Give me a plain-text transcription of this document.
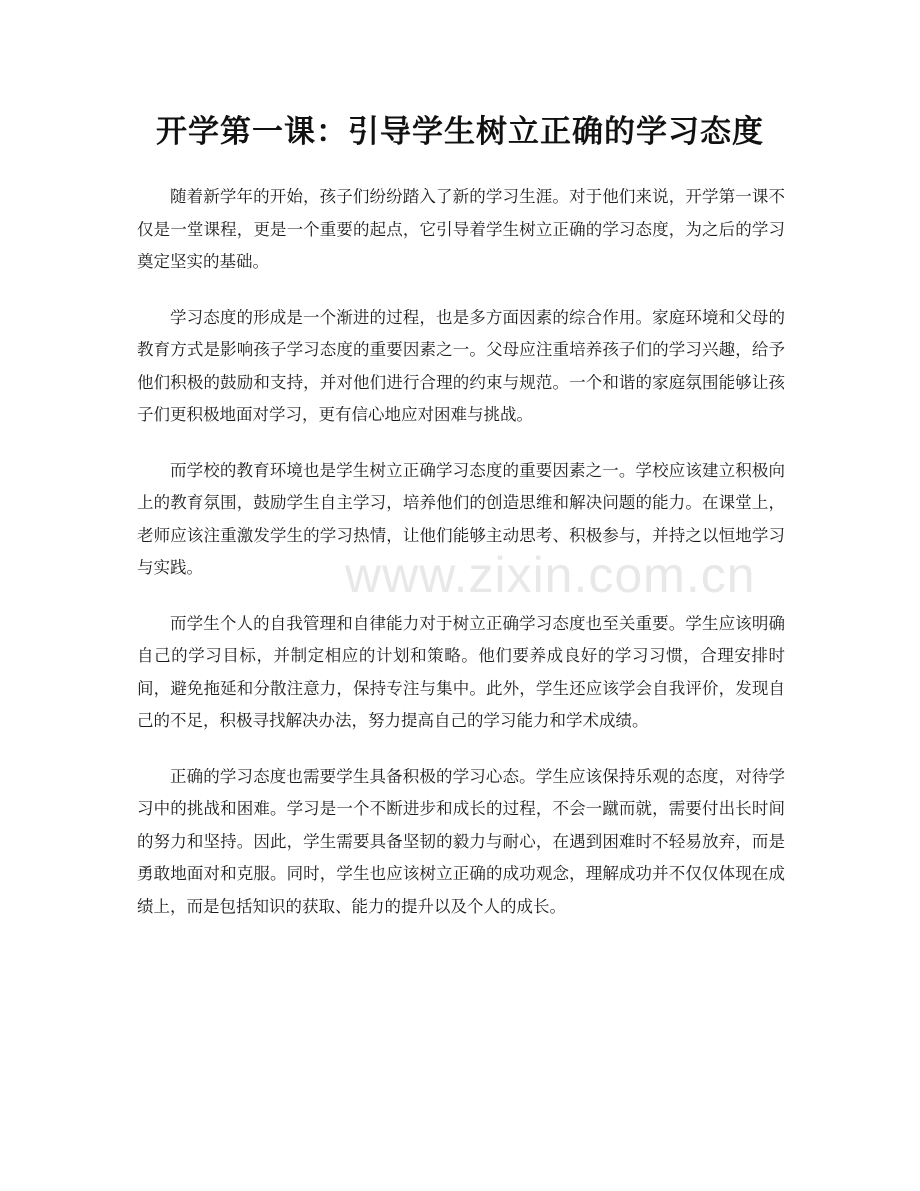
开学第一课：引导学生树立正确的学习态度

随着新学年的开始，孩子们纷纷踏入了新的学习生涯。对于他们来说，开学第一课不仅是一堂课程，更是一个重要的起点，它引导着学生树立正确的学习态度，为之后的学习奠定坚实的基础。

学习态度的形成是一个渐进的过程，也是多方面因素的综合作用。家庭环境和父母的教育方式是影响孩子学习态度的重要因素之一。父母应注重培养孩子们的学习兴趣，给予他们积极的鼓励和支持，并对他们进行合理的约束与规范。一个和谐的家庭氛围能够让孩子们更积极地面对学习，更有信心地应对困难与挑战。

而学校的教育环境也是学生树立正确学习态度的重要因素之一。学校应该建立积极向上的教育氛围，鼓励学生自主学习，培养他们的创造思维和解决问题的能力。在课堂上，老师应该注重激发学生的学习热情，让他们能够主动思考、积极参与，并持之以恒地学习与实践。

而学生个人的自我管理和自律能力对于树立正确学习态度也至关重要。学生应该明确自己的学习目标，并制定相应的计划和策略。他们要养成良好的学习习惯，合理安排时间，避免拖延和分散注意力，保持专注与集中。此外，学生还应该学会自我评价，发现自己的不足，积极寻找解决办法，努力提高自己的学习能力和学术成绩。

正确的学习态度也需要学生具备积极的学习心态。学生应该保持乐观的态度，对待学习中的挑战和困难。学习是一个不断进步和成长的过程，不会一蹴而就，需要付出长时间的努力和坚持。因此，学生需要具备坚韧的毅力与耐心，在遇到困难时不轻易放弃，而是勇敢地面对和克服。同时，学生也应该树立正确的成功观念，理解成功并不仅仅体现在成绩上，而是包括知识的获取、能力的提升以及个人的成长。

www.zixin.com.cn
